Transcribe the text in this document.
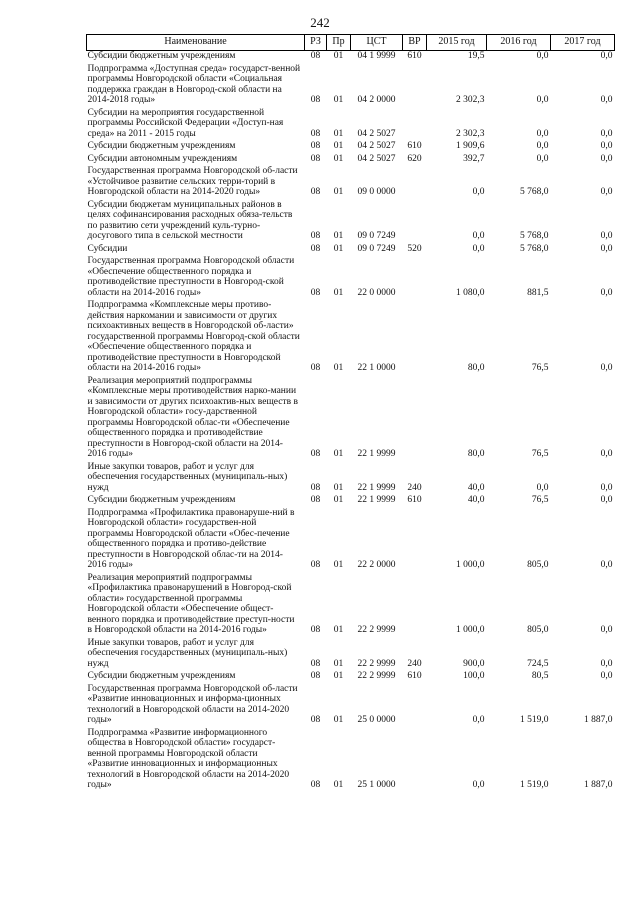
242
Наименование	РЗ	Пр	ЦСТ	ВР	2015 год	2016 год	2017 год
Субсидии бюджетным учреждениям	08	01	04 1 9999	610	19,5	0,0	0,0
Подпрограмма «Доступная среда» государст-венной программы Новгородской области «Социальная поддержка граждан в Новгород-ской области на 2014-2018 годы»	08	01	04 2 0000		2 302,3	0,0	0,0
Субсидии на мероприятия государственной программы Российской Федерации «Доступ-ная среда» на 2011 - 2015 годы	08	01	04 2 5027		2 302,3	0,0	0,0
Субсидии бюджетным учреждениям	08	01	04 2 5027	610	1 909,6	0,0	0,0
Субсидии автономным учреждениям	08	01	04 2 5027	620	392,7	0,0	0,0
Государственная программа Новгородской об-ласти «Устойчивое развитие сельских терри-торий в Новгородской области на 2014-2020 годы»	08	01	09 0 0000		0,0	5 768,0	0,0
Субсидии бюджетам муниципальных районов в целях софинансирования расходных обяза-тельств по развитию сети учреждений куль-турно-досугового типа в сельской местности	08	01	09 0 7249		0,0	5 768,0	0,0
Субсидии	08	01	09 0 7249	520	0,0	5 768,0	0,0
Государственная программа Новгородской области «Обеспечение общественного порядка и противодействие преступности в Новгород-ской области на 2014-2016 годы»	08	01	22 0 0000		1 080,0	881,5	0,0
Подпрограмма «Комплексные меры противо-действия наркомании и зависимости от других психоактивных веществ в Новгородской об-ласти» государственной программы Новгород-ской области «Обеспечение общественного порядка и противодействие преступности в Новгородской области на 2014-2016 годы»	08	01	22 1 0000		80,0	76,5	0,0
Реализация мероприятий подпрограммы «Комплексные меры противодействия нарко-мании и зависимости от других психоактив-ных веществ в Новгородской области» госу-дарственной программы Новгородской облас-ти «Обеспечение общественного порядка и противодействие преступности в Новгород-ской области на 2014-2016 годы»	08	01	22 1 9999		80,0	76,5	0,0
Иные закупки товаров, работ и услуг для обеспечения государственных (муниципаль-ных) нужд	08	01	22 1 9999	240	40,0	0,0	0,0
Субсидии бюджетным учреждениям	08	01	22 1 9999	610	40,0	76,5	0,0
Подпрограмма «Профилактика правонаруше-ний в Новгородской области» государствен-ной программы Новгородской области «Обес-печение общественного порядка и противо-действие преступности в Новгородской облас-ти на 2014-2016 годы»	08	01	22 2 0000		1 000,0	805,0	0,0
Реализация мероприятий подпрограммы «Профилактика правонарушений в Новгород-ской области» государственной программы Новгородской области «Обеспечение общест-венного порядка и противодействие преступ-ности в Новгородской области на 2014-2016 годы»	08	01	22 2 9999		1 000,0	805,0	0,0
Иные закупки товаров, работ и услуг для обеспечения государственных (муниципаль-ных) нужд	08	01	22 2 9999	240	900,0	724,5	0,0
Субсидии бюджетным учреждениям	08	01	22 2 9999	610	100,0	80,5	0,0
Государственная программа Новгородской об-ласти «Развитие инновационных и информа-ционных технологий в Новгородской области на 2014-2020 годы»	08	01	25 0 0000		0,0	1 519,0	1 887,0
Подпрограмма «Развитие информационного общества в Новгородской области» государст-венной программы Новгородской области «Развитие инновационных и информационных технологий в Новгородской области на 2014-2020 годы»	08	01	25 1 0000		0,0	1 519,0	1 887,0
